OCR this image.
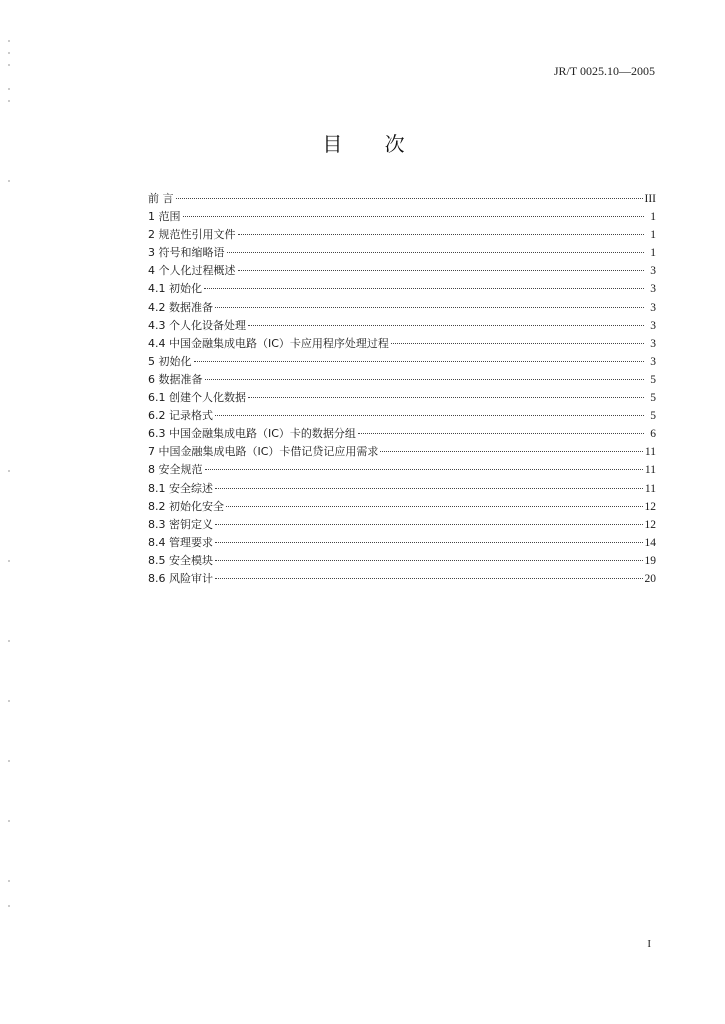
JR/T 0025.10—2005
目 次
前 言	III
1 范围	1
2 规范性引用文件	1
3 符号和缩略语	1
4 个人化过程概述	3
4.1 初始化	3
4.2 数据准备	3
4.3 个人化设备处理	3
4.4 中国金融集成电路（IC）卡应用程序处理过程	3
5 初始化	3
6 数据准备	5
6.1 创建个人化数据	5
6.2 记录格式	5
6.3 中国金融集成电路（IC）卡的数据分组	6
7 中国金融集成电路（IC）卡借记贷记应用需求	11
8 安全规范	11
8.1 安全综述	11
8.2 初始化安全	12
8.3 密钥定义	12
8.4 管理要求	14
8.5 安全模块	19
8.6 风险审计	20
I
